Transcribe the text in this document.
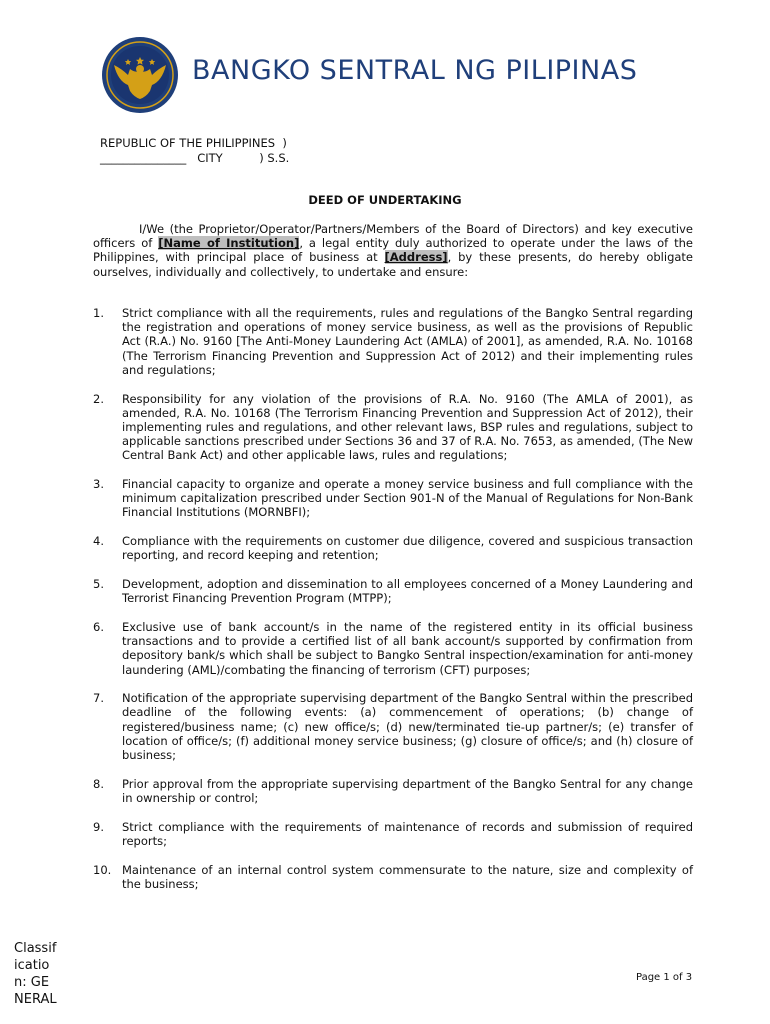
BANGKO SENTRAL NG PILIPINAS
REPUBLIC OF THE PHILIPPINES  )
_______________   CITY          ) S.S.
DEED OF UNDERTAKING
I/We (the Proprietor/Operator/Partners/Members of the Board of Directors) and key executive officers of [Name of Institution], a legal entity duly authorized to operate under the laws of the Philippines, with principal place of business at [Address], by these presents, do hereby obligate ourselves, individually and collectively, to undertake and ensure:
1. Strict compliance with all the requirements, rules and regulations of the Bangko Sentral regarding the registration and operations of money service business, as well as the provisions of Republic Act (R.A.) No. 9160 [The Anti-Money Laundering Act (AMLA) of 2001], as amended, R.A. No. 10168 (The Terrorism Financing Prevention and Suppression Act of 2012) and their implementing rules and regulations;
2. Responsibility for any violation of the provisions of R.A. No. 9160 (The AMLA of 2001), as amended, R.A. No. 10168 (The Terrorism Financing Prevention and Suppression Act of 2012), their implementing rules and regulations, and other relevant laws, BSP rules and regulations, subject to applicable sanctions prescribed under Sections 36 and 37 of R.A. No. 7653, as amended, (The New Central Bank Act) and other applicable laws, rules and regulations;
3. Financial capacity to organize and operate a money service business and full compliance with the minimum capitalization prescribed under Section 901-N of the Manual of Regulations for Non-Bank Financial Institutions (MORNBFI);
4. Compliance with the requirements on customer due diligence, covered and suspicious transaction reporting, and record keeping and retention;
5. Development, adoption and dissemination to all employees concerned of a Money Laundering and Terrorist Financing Prevention Program (MTPP);
6. Exclusive use of bank account/s in the name of the registered entity in its official business transactions and to provide a certified list of all bank account/s supported by confirmation from depository bank/s which shall be subject to Bangko Sentral inspection/examination for anti-money laundering (AML)/combating the financing of terrorism (CFT) purposes;
7. Notification of the appropriate supervising department of the Bangko Sentral within the prescribed deadline of the following events: (a) commencement of operations; (b) change of registered/business name; (c) new office/s; (d) new/terminated tie-up partner/s; (e) transfer of location of office/s; (f) additional money service business; (g) closure of office/s; and (h) closure of business;
8. Prior approval from the appropriate supervising department of the Bangko Sentral for any change in ownership or control;
9. Strict compliance with the requirements of maintenance of records and submission of required reports;
10. Maintenance of an internal control system commensurate to the nature, size and complexity of the business;
Classification: GENERAL
Page 1 of 3
